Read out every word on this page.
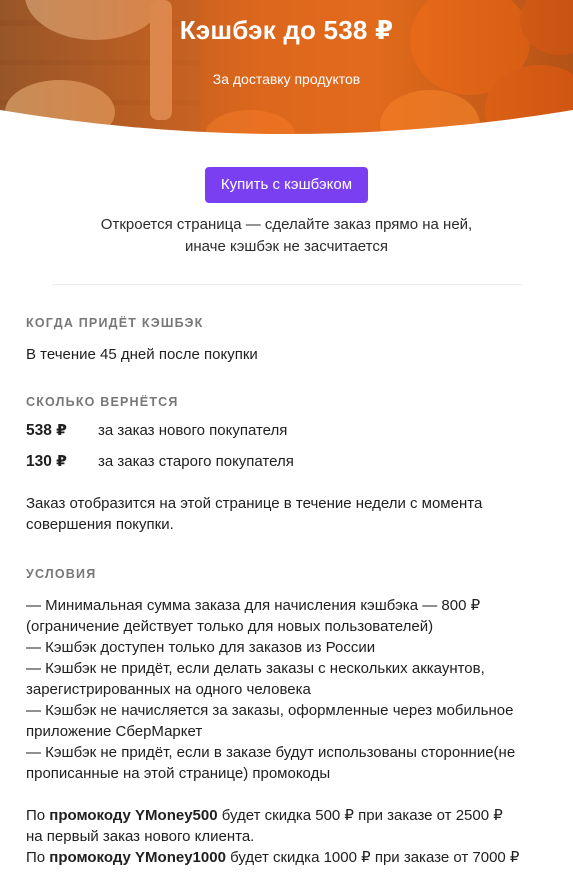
Кэшбэк до 538 ₽
За доставку продуктов
Купить с кэшбэком
Откроется страница — сделайте заказ прямо на ней,
иначе кэшбэк не засчитается
КОГДА ПРИДЁТ КЭШБЭК
В течение 45 дней после покупки
СКОЛЬКО ВЕРНЁТСЯ
538 ₽	за заказ нового покупателя
130 ₽	за заказ старого покупателя
Заказ отобразится на этой странице в течение недели с момента
совершения покупки.
УСЛОВИЯ
— Минимальная сумма заказа для начисления кэшбэка — 800 ₽
(ограничение действует только для новых пользователей)
— Кэшбэк доступен только для заказов из России
— Кэшбэк не придёт, если делать заказы с нескольких аккаунтов,
зарегистрированных на одного человека
— Кэшбэк не начисляется за заказы, оформленные через мобильное
приложение СберМаркет
— Кэшбэк не придёт, если в заказе будут использованы сторонние(не
прописанные на этой странице) промокоды
По промокоду YMoney500 будет скидка 500 ₽ при заказе от 2500 ₽
на первый заказ нового клиента.
По промокоду YMoney1000 будет скидка 1000 ₽ при заказе от 7000 ₽
